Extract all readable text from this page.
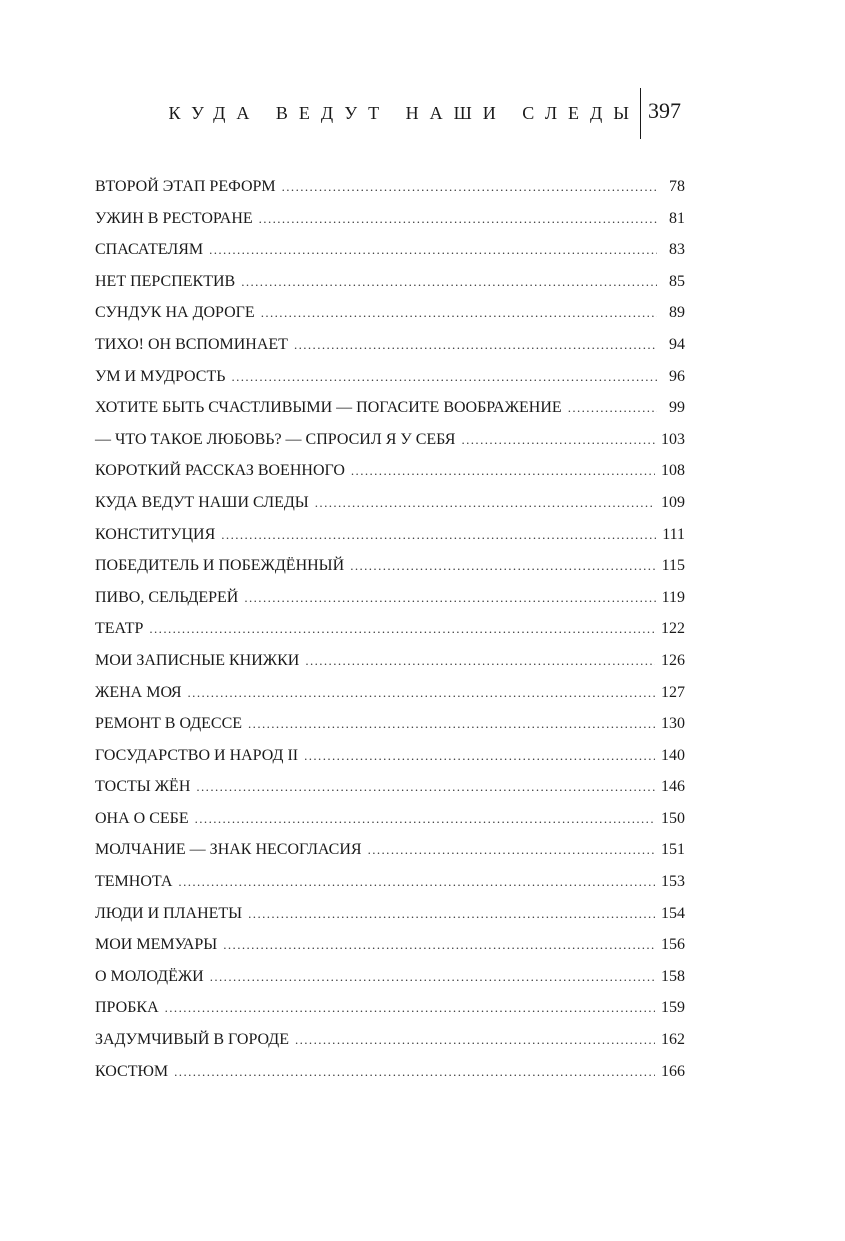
КУДА ВЕДУТ НАШИ СЛЕДЫ 397
ВТОРОЙ ЭТАП РЕФОРМ .....	78
УЖИН В РЕСТОРАНЕ .....	81
СПАСАТЕЛЯМ .....	83
НЕТ ПЕРСПЕКТИВ .....	85
СУНДУК НА ДОРОГЕ .....	89
ТИХО! ОН ВСПОМИНАЕТ .....	94
УМ И МУДРОСТЬ .....	96
ХОТИТЕ БЫТЬ СЧАСТЛИВЫМИ — ПОГАСИТЕ ВООБРАЖЕНИЕ .....	99
— ЧТО ТАКОЕ ЛЮБОВЬ? — СПРОСИЛ Я У СЕБЯ .....	103
КОРОТКИЙ РАССКАЗ ВОЕННОГО .....	108
КУДА ВЕДУТ НАШИ СЛЕДЫ .....	109
КОНСТИТУЦИЯ .....	111
ПОБЕДИТЕЛЬ И ПОБЕЖДЁННЫЙ .....	115
ПИВО, СЕЛЬДЕРЕЙ .....	119
ТЕАТР .....	122
МОИ ЗАПИСНЫЕ КНИЖКИ .....	126
ЖЕНА МОЯ .....	127
РЕМОНТ В ОДЕССЕ .....	130
ГОСУДАРСТВО И НАРОД II .....	140
ТОСТЫ ЖЁН .....	146
ОНА О СЕБЕ .....	150
МОЛЧАНИЕ — ЗНАК НЕСОГЛАСИЯ .....	151
ТЕМНОТА .....	153
ЛЮДИ И ПЛАНЕТЫ .....	154
МОИ МЕМУАРЫ .....	156
О МОЛОДЁЖИ .....	158
ПРОБКА .....	159
ЗАДУМЧИВЫЙ В ГОРОДЕ .....	162
КОСТЮМ .....	166
